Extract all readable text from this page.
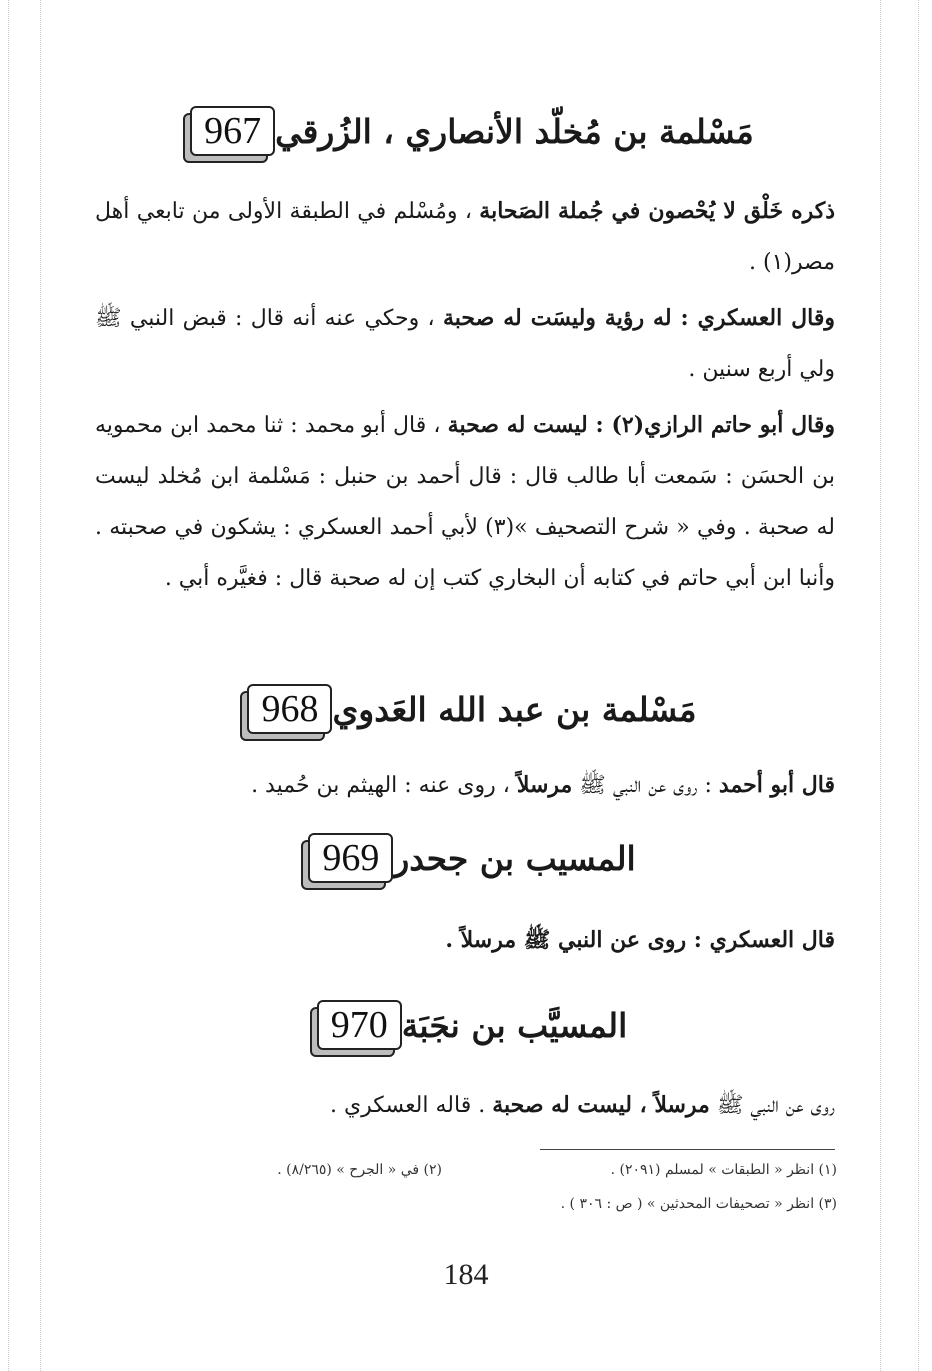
967 مَسْلمة بن مُخلّد الأنصاري ، الزُرقي

ذكره خَلْق لا يُحْصون في جُملة الصَحابة ، ومُسْلم في الطبقة الأولى من تابعي أهل مصر(١) .

وقال العسكري : له رؤية وليسَت له صحبة ، وحكي عنه أنه قال : قبض النبي ﷺ ولي أربع سنين .

وقال أبو حاتم الرازي(٢) : ليست له صحبة ، قال أبو محمد : ثنا محمد ابن محمويه بن الحسَن : سَمعت أبا طالب قال : قال أحمد بن حنبل : مَسْلمة ابن مُخلد ليست له صحبة . وفي « شرح التصحيف »(٣) لأبي أحمد العسكري : يشكون في صحبته . وأنبا ابن أبي حاتم في كتابه أن البخاري كتب إن له صحبة قال : فغيَّره أبي .

968 مَسْلمة بن عبد الله العَدوي

قال أبو أحمد : روى عن النبي ﷺ مرسلاً ، روى عنه : الهيثم بن حُميد .

969 المسيب بن جحدر

قال العسكري : روى عن النبي ﷺ مرسلاً .

970 المسيَّب بن نجَبَة

روى عن النبي ﷺ مرسلاً ، ليست له صحبة . قاله العسكري .

(١) انظر « الطبقات » لمسلم (٢٠٩١) .

(٢) في « الجرح » (٨/٢٦٥) .

(٣) انظر « تصحيفات المحدثين » ( ص : ٣٠٦ ) .

184
